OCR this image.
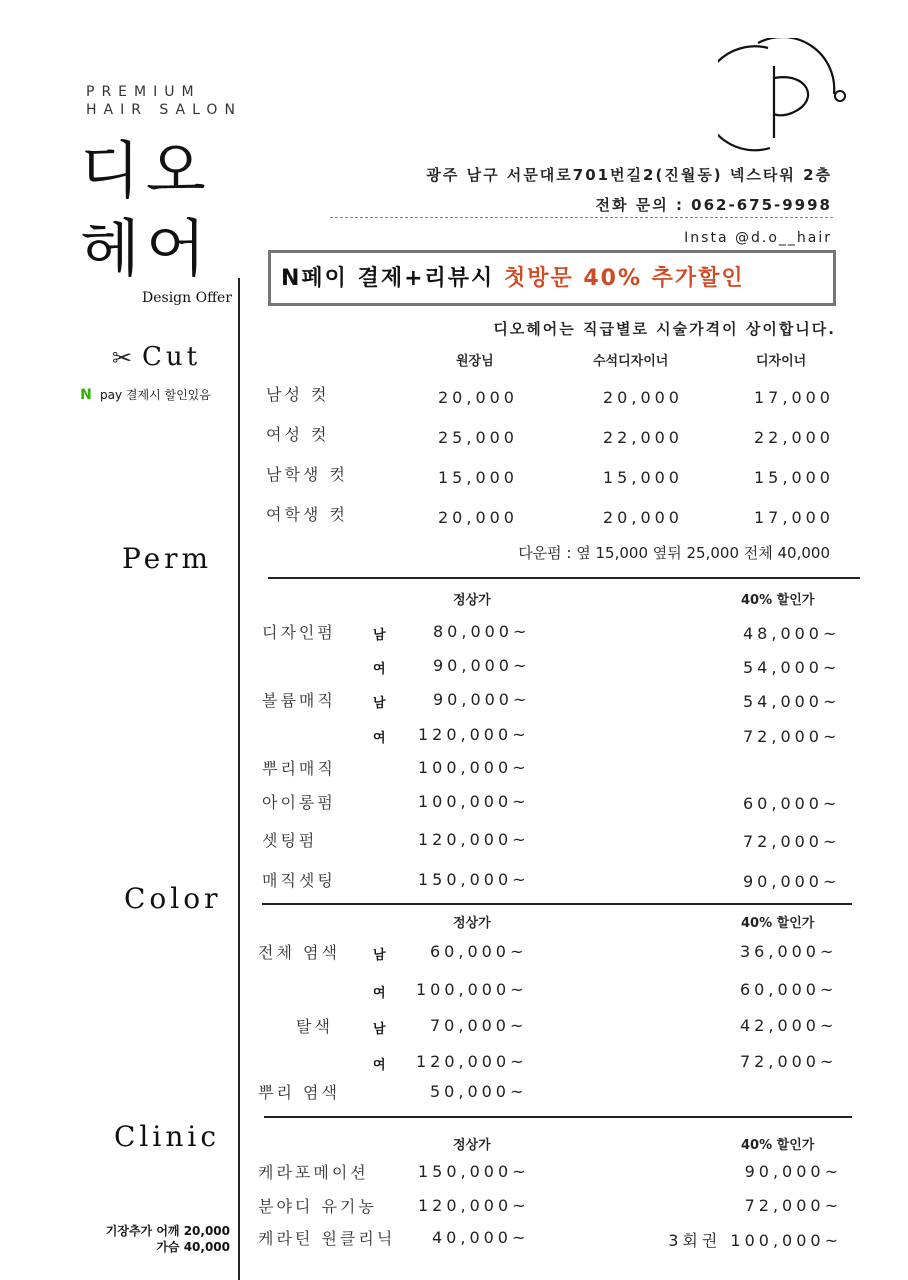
PREMIUM
HAIR SALON
디오
헤어
Design Offer
광주 남구 서문대로701번길2(진월동) 넥스타워 2층
전화 문의 : 062-675-9998
Insta @d.o__hair
N페이 결제+리뷰시 첫방문 40% 추가할인
✂ Cut
N pay 결제시 할인있음
디오헤어는 직급별로 시술가격이 상이합니다.
원장님	수석디자이너	디자이너
남성 컷	20,000	20,000	17,000
여성 컷	25,000	22,000	22,000
남학생 컷	15,000	15,000	15,000
여학생 컷	20,000	20,000	17,000
다운펌 : 옆 15,000 옆뒤 25,000 전체 40,000
Perm
정상가	40% 할인가
디자인펌	남	80,000~	48,000~
여	90,000~	54,000~
볼륨매직	남	90,000~	54,000~
여 120,000~	72,000~
뿌리매직	100,000~
아이롱펌	100,000~	60,000~
셋팅펌	120,000~	72,000~
매직셋팅	150,000~	90,000~
Color
정상가	40% 할인가
전체 염색	남	60,000~	36,000~
여 100,000~	60,000~
탈색	남	70,000~	42,000~
여 120,000~	72,000~
뿌리 염색	50,000~
Clinic	정상가	40% 할인가
케라포메이션	150,000~	90,000~
분야디 유기농	120,000~	72,000~
케라틴 원클리닉 40,000~	3회권 100,000~
기장추가 어깨 20,000
가슴 40,000
